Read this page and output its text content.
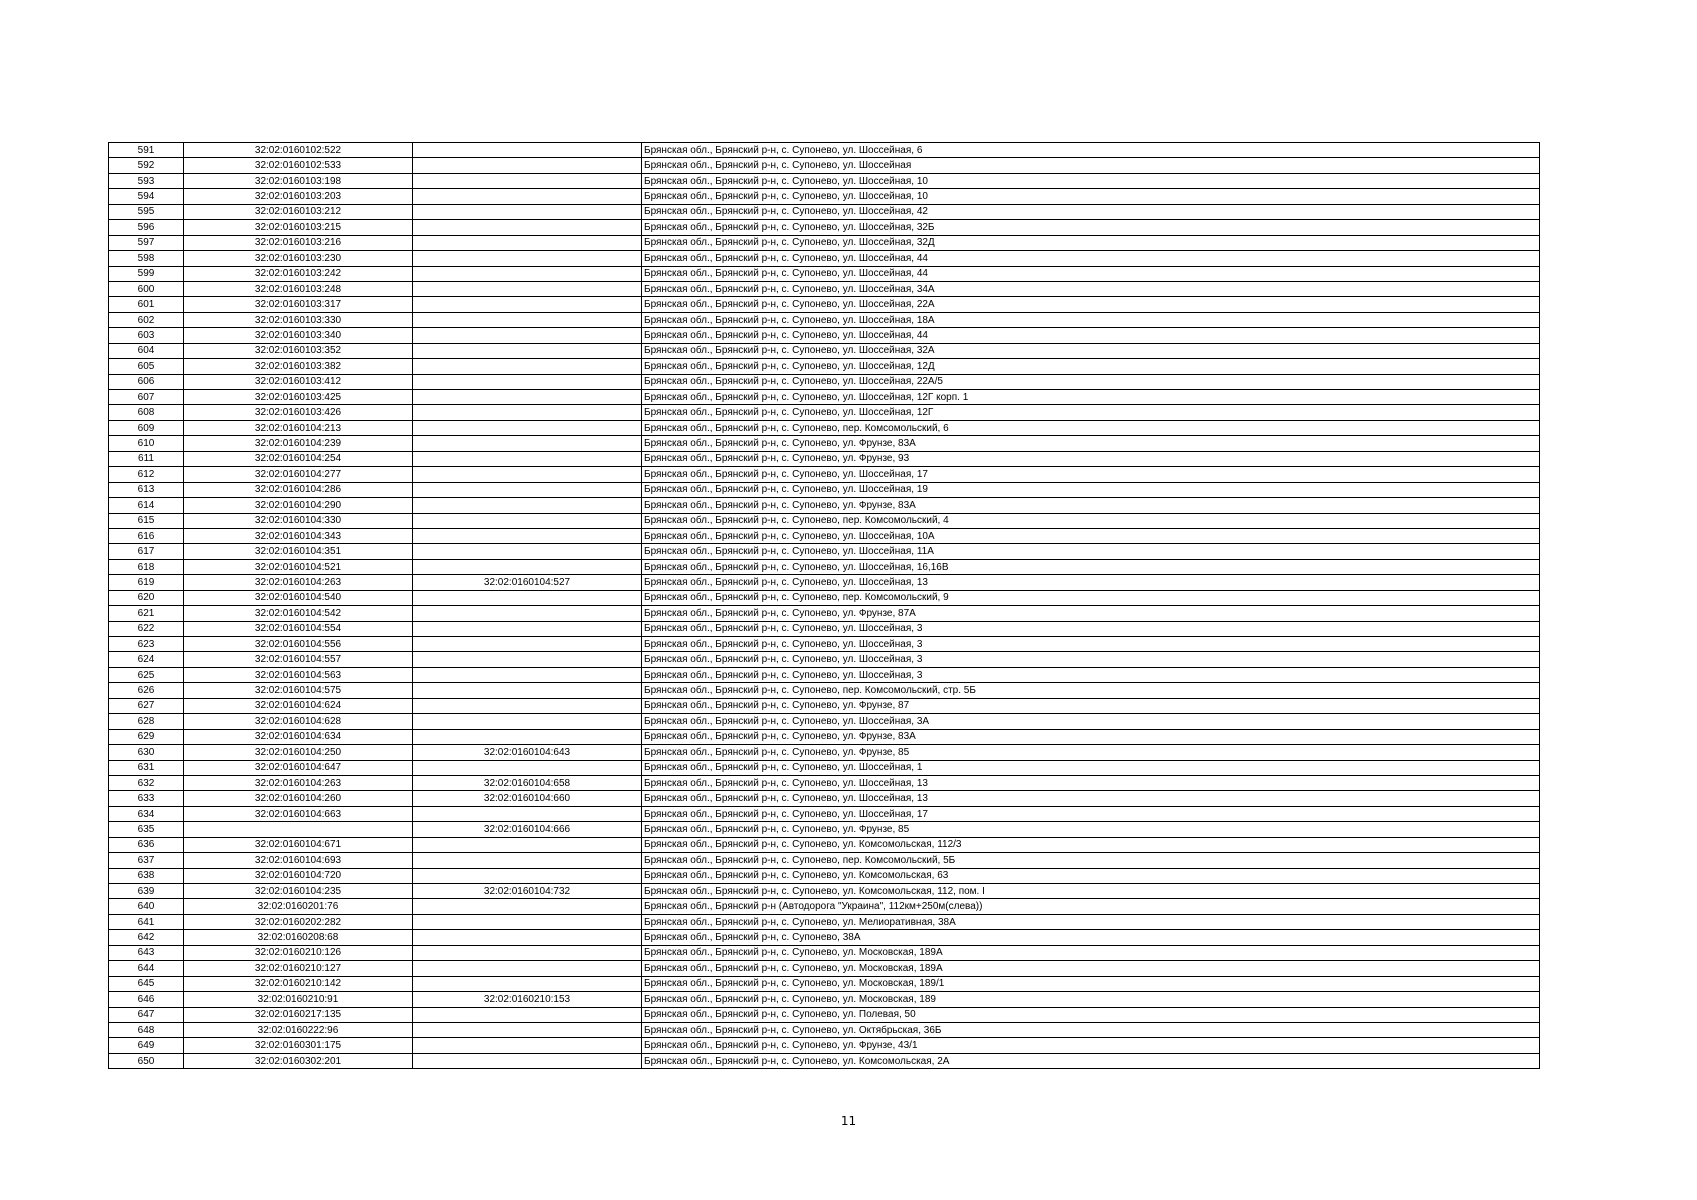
591	32:02:0160102:522		Брянская обл., Брянский р-н, с. Супонево, ул. Шоссейная, 6
592	32:02:0160102:533		Брянская обл., Брянский р-н, с. Супонево, ул. Шоссейная
593	32:02:0160103:198		Брянская обл., Брянский р-н, с. Супонево, ул. Шоссейная, 10
594	32:02:0160103:203		Брянская обл., Брянский р-н, с. Супонево, ул. Шоссейная, 10
595	32:02:0160103:212		Брянская обл., Брянский р-н, с. Супонево, ул. Шоссейная, 42
596	32:02:0160103:215		Брянская обл., Брянский р-н, с. Супонево, ул. Шоссейная, 32Б
597	32:02:0160103:216		Брянская обл., Брянский р-н, с. Супонево, ул. Шоссейная, 32Д
598	32:02:0160103:230		Брянская обл., Брянский р-н, с. Супонево, ул. Шоссейная, 44
599	32:02:0160103:242		Брянская обл., Брянский р-н, с. Супонево, ул. Шоссейная, 44
600	32:02:0160103:248		Брянская обл., Брянский р-н, с. Супонево, ул. Шоссейная, 34А
601	32:02:0160103:317		Брянская обл., Брянский р-н, с. Супонево, ул. Шоссейная, 22А
602	32:02:0160103:330		Брянская обл., Брянский р-н, с. Супонево, ул. Шоссейная, 18А
603	32:02:0160103:340		Брянская обл., Брянский р-н, с. Супонево, ул. Шоссейная, 44
604	32:02:0160103:352		Брянская обл., Брянский р-н, с. Супонево, ул. Шоссейная, 32А
605	32:02:0160103:382		Брянская обл., Брянский р-н, с. Супонево, ул. Шоссейная, 12Д
606	32:02:0160103:412		Брянская обл., Брянский р-н, с. Супонево, ул. Шоссейная, 22А/5
607	32:02:0160103:425		Брянская обл., Брянский р-н, с. Супонево, ул. Шоссейная, 12Г корп. 1
608	32:02:0160103:426		Брянская обл., Брянский р-н, с. Супонево, ул. Шоссейная, 12Г
609	32:02:0160104:213		Брянская обл., Брянский р-н, с. Супонево, пер. Комсомольский, 6
610	32:02:0160104:239		Брянская обл., Брянский р-н, с. Супонево, ул. Фрунзе, 83А
611	32:02:0160104:254		Брянская обл., Брянский р-н, с. Супонево, ул. Фрунзе, 93
612	32:02:0160104:277		Брянская обл., Брянский р-н, с. Супонево, ул. Шоссейная, 17
613	32:02:0160104:286		Брянская обл., Брянский р-н, с. Супонево, ул. Шоссейная, 19
614	32:02:0160104:290		Брянская обл., Брянский р-н, с. Супонево, ул. Фрунзе, 83А
615	32:02:0160104:330		Брянская обл., Брянский р-н, с. Супонево, пер. Комсомольский, 4
616	32:02:0160104:343		Брянская обл., Брянский р-н, с. Супонево, ул. Шоссейная, 10А
617	32:02:0160104:351		Брянская обл., Брянский р-н, с. Супонево, ул. Шоссейная, 11А
618	32:02:0160104:521		Брянская обл., Брянский р-н, с. Супонево, ул. Шоссейная, 16,16В
619	32:02:0160104:263	32:02:0160104:527	Брянская обл., Брянский р-н, с. Супонево, ул. Шоссейная, 13
620	32:02:0160104:540		Брянская обл., Брянский р-н, с. Супонево, пер. Комсомольский, 9
621	32:02:0160104:542		Брянская обл., Брянский р-н, с. Супонево, ул. Фрунзе, 87А
622	32:02:0160104:554		Брянская обл., Брянский р-н, с. Супонево, ул. Шоссейная, 3
623	32:02:0160104:556		Брянская обл., Брянский р-н, с. Супонево, ул. Шоссейная, 3
624	32:02:0160104:557		Брянская обл., Брянский р-н, с. Супонево, ул. Шоссейная, 3
625	32:02:0160104:563		Брянская обл., Брянский р-н, с. Супонево, ул. Шоссейная, 3
626	32:02:0160104:575		Брянская обл., Брянский р-н, с. Супонево, пер. Комсомольский, стр. 5Б
627	32:02:0160104:624		Брянская обл., Брянский р-н, с. Супонево, ул. Фрунзе, 87
628	32:02:0160104:628		Брянская обл., Брянский р-н, с. Супонево, ул. Шоссейная, 3А
629	32:02:0160104:634		Брянская обл., Брянский р-н, с. Супонево, ул. Фрунзе, 83А
630	32:02:0160104:250	32:02:0160104:643	Брянская обл., Брянский р-н, с. Супонево, ул. Фрунзе, 85
631	32:02:0160104:647		Брянская обл., Брянский р-н, с. Супонево, ул. Шоссейная, 1
632	32:02:0160104:263	32:02:0160104:658	Брянская обл., Брянский р-н, с. Супонево, ул. Шоссейная, 13
633	32:02:0160104:260	32:02:0160104:660	Брянская обл., Брянский р-н, с. Супонево, ул. Шоссейная, 13
634	32:02:0160104:663		Брянская обл., Брянский р-н, с. Супонево, ул. Шоссейная, 17
635		32:02:0160104:666	Брянская обл., Брянский р-н, с. Супонево, ул. Фрунзе, 85
636	32:02:0160104:671		Брянская обл., Брянский р-н, с. Супонево, ул. Комсомольская, 112/3
637	32:02:0160104:693		Брянская обл., Брянский р-н, с. Супонево, пер. Комсомольский, 5Б
638	32:02:0160104:720		Брянская обл., Брянский р-н, с. Супонево, ул. Комсомольская, 63
639	32:02:0160104:235	32:02:0160104:732	Брянская обл., Брянский р-н, с. Супонево, ул. Комсомольская, 112, пом. I
640	32:02:0160201:76		Брянская обл., Брянский р-н (Автодорога "Украина", 112км+250м(слева))
641	32:02:0160202:282		Брянская обл., Брянский р-н, с. Супонево, ул. Мелиоративная, 38А
642	32:02:0160208:68		Брянская обл., Брянский р-н, с. Супонево, 38А
643	32:02:0160210:126		Брянская обл., Брянский р-н, с. Супонево, ул. Московская, 189А
644	32:02:0160210:127		Брянская обл., Брянский р-н, с. Супонево, ул. Московская, 189А
645	32:02:0160210:142		Брянская обл., Брянский р-н, с. Супонево, ул. Московская, 189/1
646	32:02:0160210:91	32:02:0160210:153	Брянская обл., Брянский р-н, с. Супонево, ул. Московская, 189
647	32:02:0160217:135		Брянская обл., Брянский р-н, с. Супонево, ул. Полевая, 50
648	32:02:0160222:96		Брянская обл., Брянский р-н, с. Супонево, ул. Октябрьская, 36Б
649	32:02:0160301:175		Брянская обл., Брянский р-н, с. Супонево, ул. Фрунзе, 43/1
650	32:02:0160302:201		Брянская обл., Брянский р-н, с. Супонево, ул. Комсомольская, 2А
11
